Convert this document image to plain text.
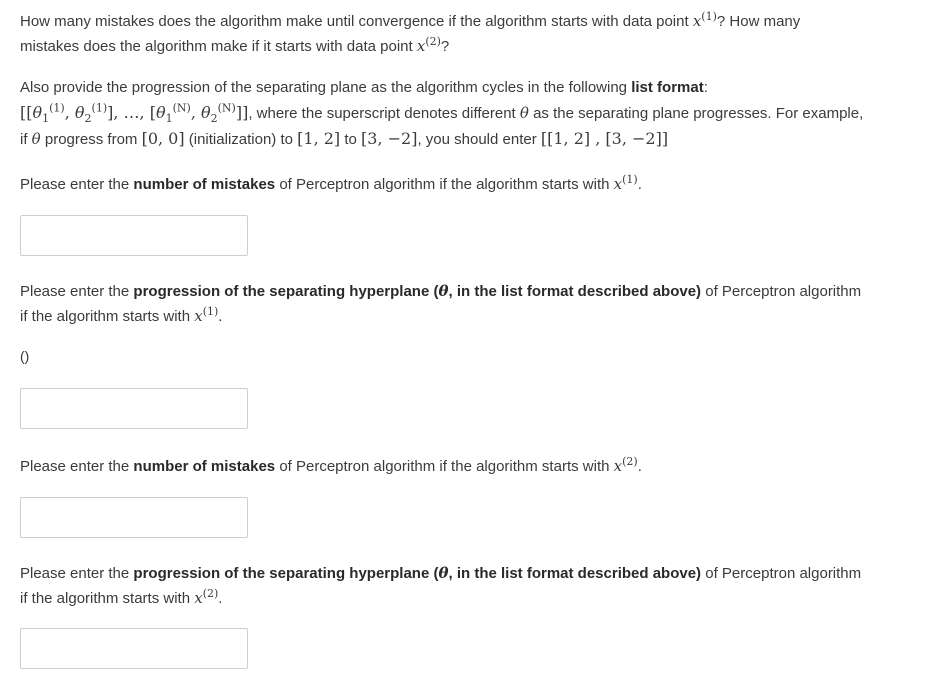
How many mistakes does the algorithm make until convergence if the algorithm starts with data point $x^{(1)}$? How many
mistakes does the algorithm make if it starts with data point $x^{(2)}$?

Also provide the progression of the separating plane as the algorithm cycles in the following list format:
[[$\theta_1^{(1)}$, $\theta_2^{(1)}$], …, [$\theta_1^{(N)}$, $\theta_2^{(N)}$]], where the superscript denotes different θ as the separating plane progresses. For example,
if θ progress from [0, 0] (initialization) to [1, 2] to [3, −2], you should enter [[1, 2] , [3, −2]]

Please enter the number of mistakes of Perceptron algorithm if the algorithm starts with $x^{(1)}$.

Please enter the progression of the separating hyperplane (θ, in the list format described above) of Perceptron algorithm
if the algorithm starts with $x^{(1)}$.

()

Please enter the number of mistakes of Perceptron algorithm if the algorithm starts with $x^{(2)}$.

Please enter the progression of the separating hyperplane (θ, in the list format described above) of Perceptron algorithm
if the algorithm starts with $x^{(2)}$.
